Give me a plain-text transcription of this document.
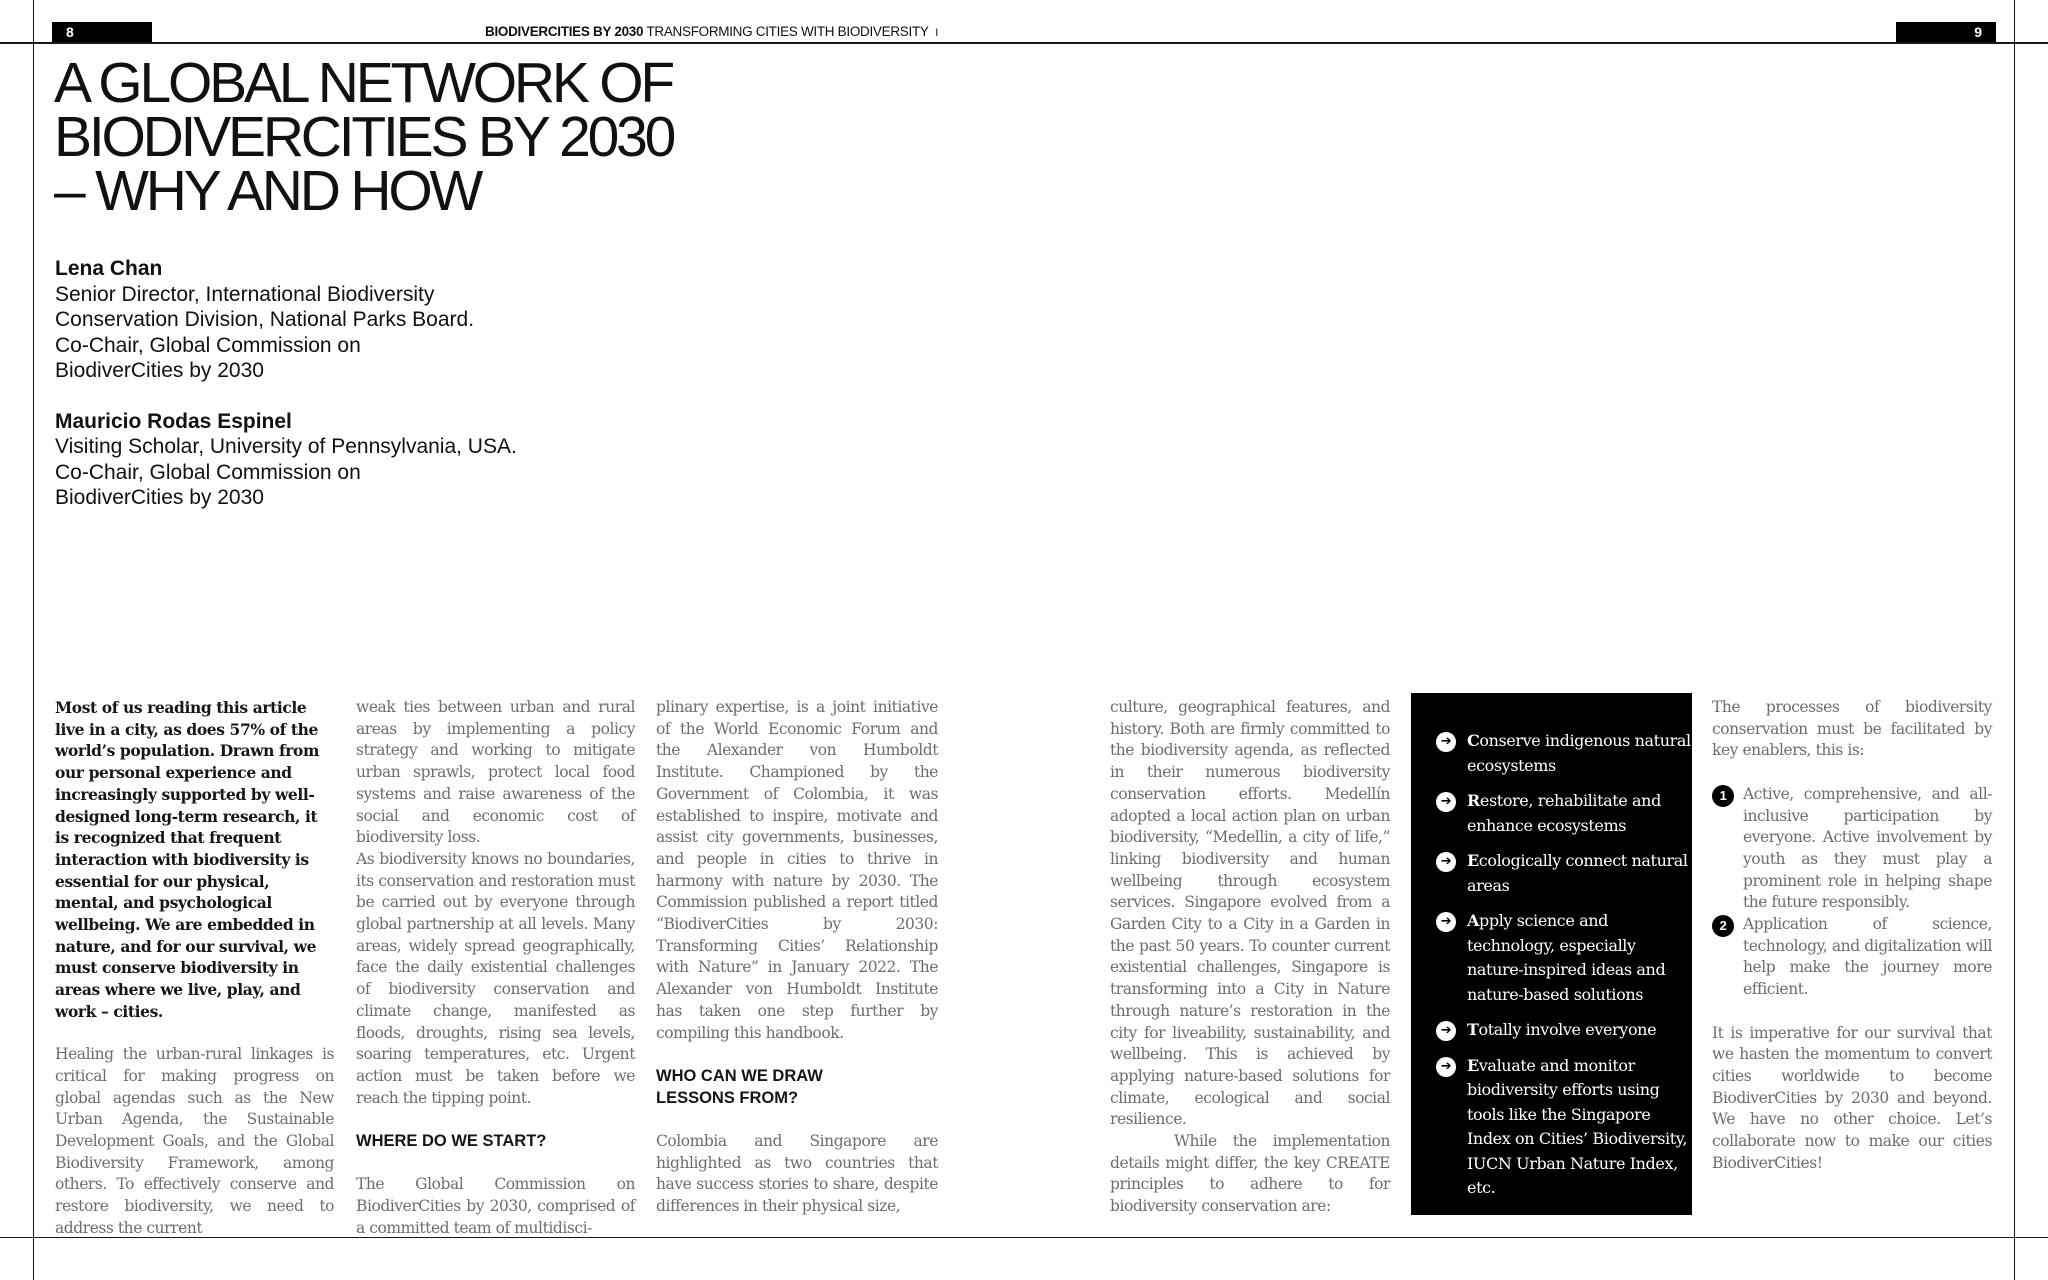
8	BIODIVERCITIES BY 2030 TRANSFORMING CITIES WITH BIODIVERSITY I	9
A GLOBAL NETWORK OF
BIODIVERCITIES BY 2030
– WHY AND HOW
Lena Chan
Senior Director, International Biodiversity
Conservation Division, National Parks Board.
Co-Chair, Global Commission on
BiodiverCities by 2030
Mauricio Rodas Espinel
Visiting Scholar, University of Pennsylvania, USA.
Co-Chair, Global Commission on
BiodiverCities by 2030

Most of us reading this article live in a city, as does 57% of the world’s population. Drawn from our personal experience and increasingly supported by well-designed long-term research, it is recognized that frequent interaction with biodiversity is essential for our physical, mental, and psychological wellbeing. We are embedded in nature, and for our survival, we must conserve biodiversity in areas where we live, play, and work – cities.

Healing the urban-rural linkages is critical for making progress on global agendas such as the New Urban Agenda, the Sustainable Development Goals, and the Global Biodiversity Framework, among others. To effectively conserve and restore biodiversity, we need to address the current

weak ties between urban and rural areas by implementing a policy strategy and working to mitigate urban sprawls, protect local food systems and raise awareness of the social and economic cost of biodiversity loss.

As biodiversity knows no boundaries, its conservation and restoration must be carried out by everyone through global partnership at all levels. Many areas, widely spread geographically, face the daily existential challenges of biodiversity conservation and climate change, manifested as floods, droughts, rising sea levels, soaring temperatures, etc. Urgent action must be taken before we reach the tipping point.

WHERE DO WE START?

The Global Commission on BiodiverCities by 2030, comprised of a committed team of multidisci-

plinary expertise, is a joint initiative of the World Economic Forum and the Alexander von Humboldt Institute. Championed by the Government of Colombia, it was established to inspire, motivate and assist city governments, businesses, and people in cities to thrive in harmony with nature by 2030. The Commission published a report titled “BiodiverCities by 2030: Transforming Cities’ Relationship with Nature” in January 2022. The Alexander von Humboldt Institute has taken one step further by compiling this handbook.

WHO CAN WE DRAW LESSONS FROM?

Colombia and Singapore are highlighted as two countries that have success stories to share, despite differences in their physical size,

culture, geographical features, and history. Both are firmly committed to the biodiversity agenda, as reflected in their numerous biodiversity conservation efforts. Medellín adopted a local action plan on urban biodiversity, “Medellin, a city of life,” linking biodiversity and human wellbeing through ecosystem services. Singapore evolved from a Garden City to a City in a Garden in the past 50 years. To counter current existential challenges, Singapore is transforming into a City in Nature through nature’s restoration in the city for liveability, sustainability, and wellbeing. This is achieved by applying nature-based solutions for climate, ecological and social resilience.

While the implementation details might differ, the key CREATE principles to adhere to for biodiversity conservation are:

➔ Conserve indigenous natural ecosystems
➔ Restore, rehabilitate and enhance ecosystems
➔ Ecologically connect natural areas
➔ Apply science and technology, especially nature-inspired ideas and nature-based solutions
➔ Totally involve everyone
➔ Evaluate and monitor biodiversity efforts using tools like the Singapore Index on Cities’ Biodiversity, IUCN Urban Nature Index, etc.

The processes of biodiversity conservation must be facilitated by key enablers, this is:

1	Active, comprehensive, and all-inclusive participation by everyone. Active involvement by youth as they must play a prominent role in helping shape the future responsibly.
2	Application of science, technology, and digitalization will help make the journey more efficient.

It is imperative for our survival that we hasten the momentum to convert cities worldwide to become BiodiverCities by 2030 and beyond. We have no other choice. Let’s collaborate now to make our cities BiodiverCities!
